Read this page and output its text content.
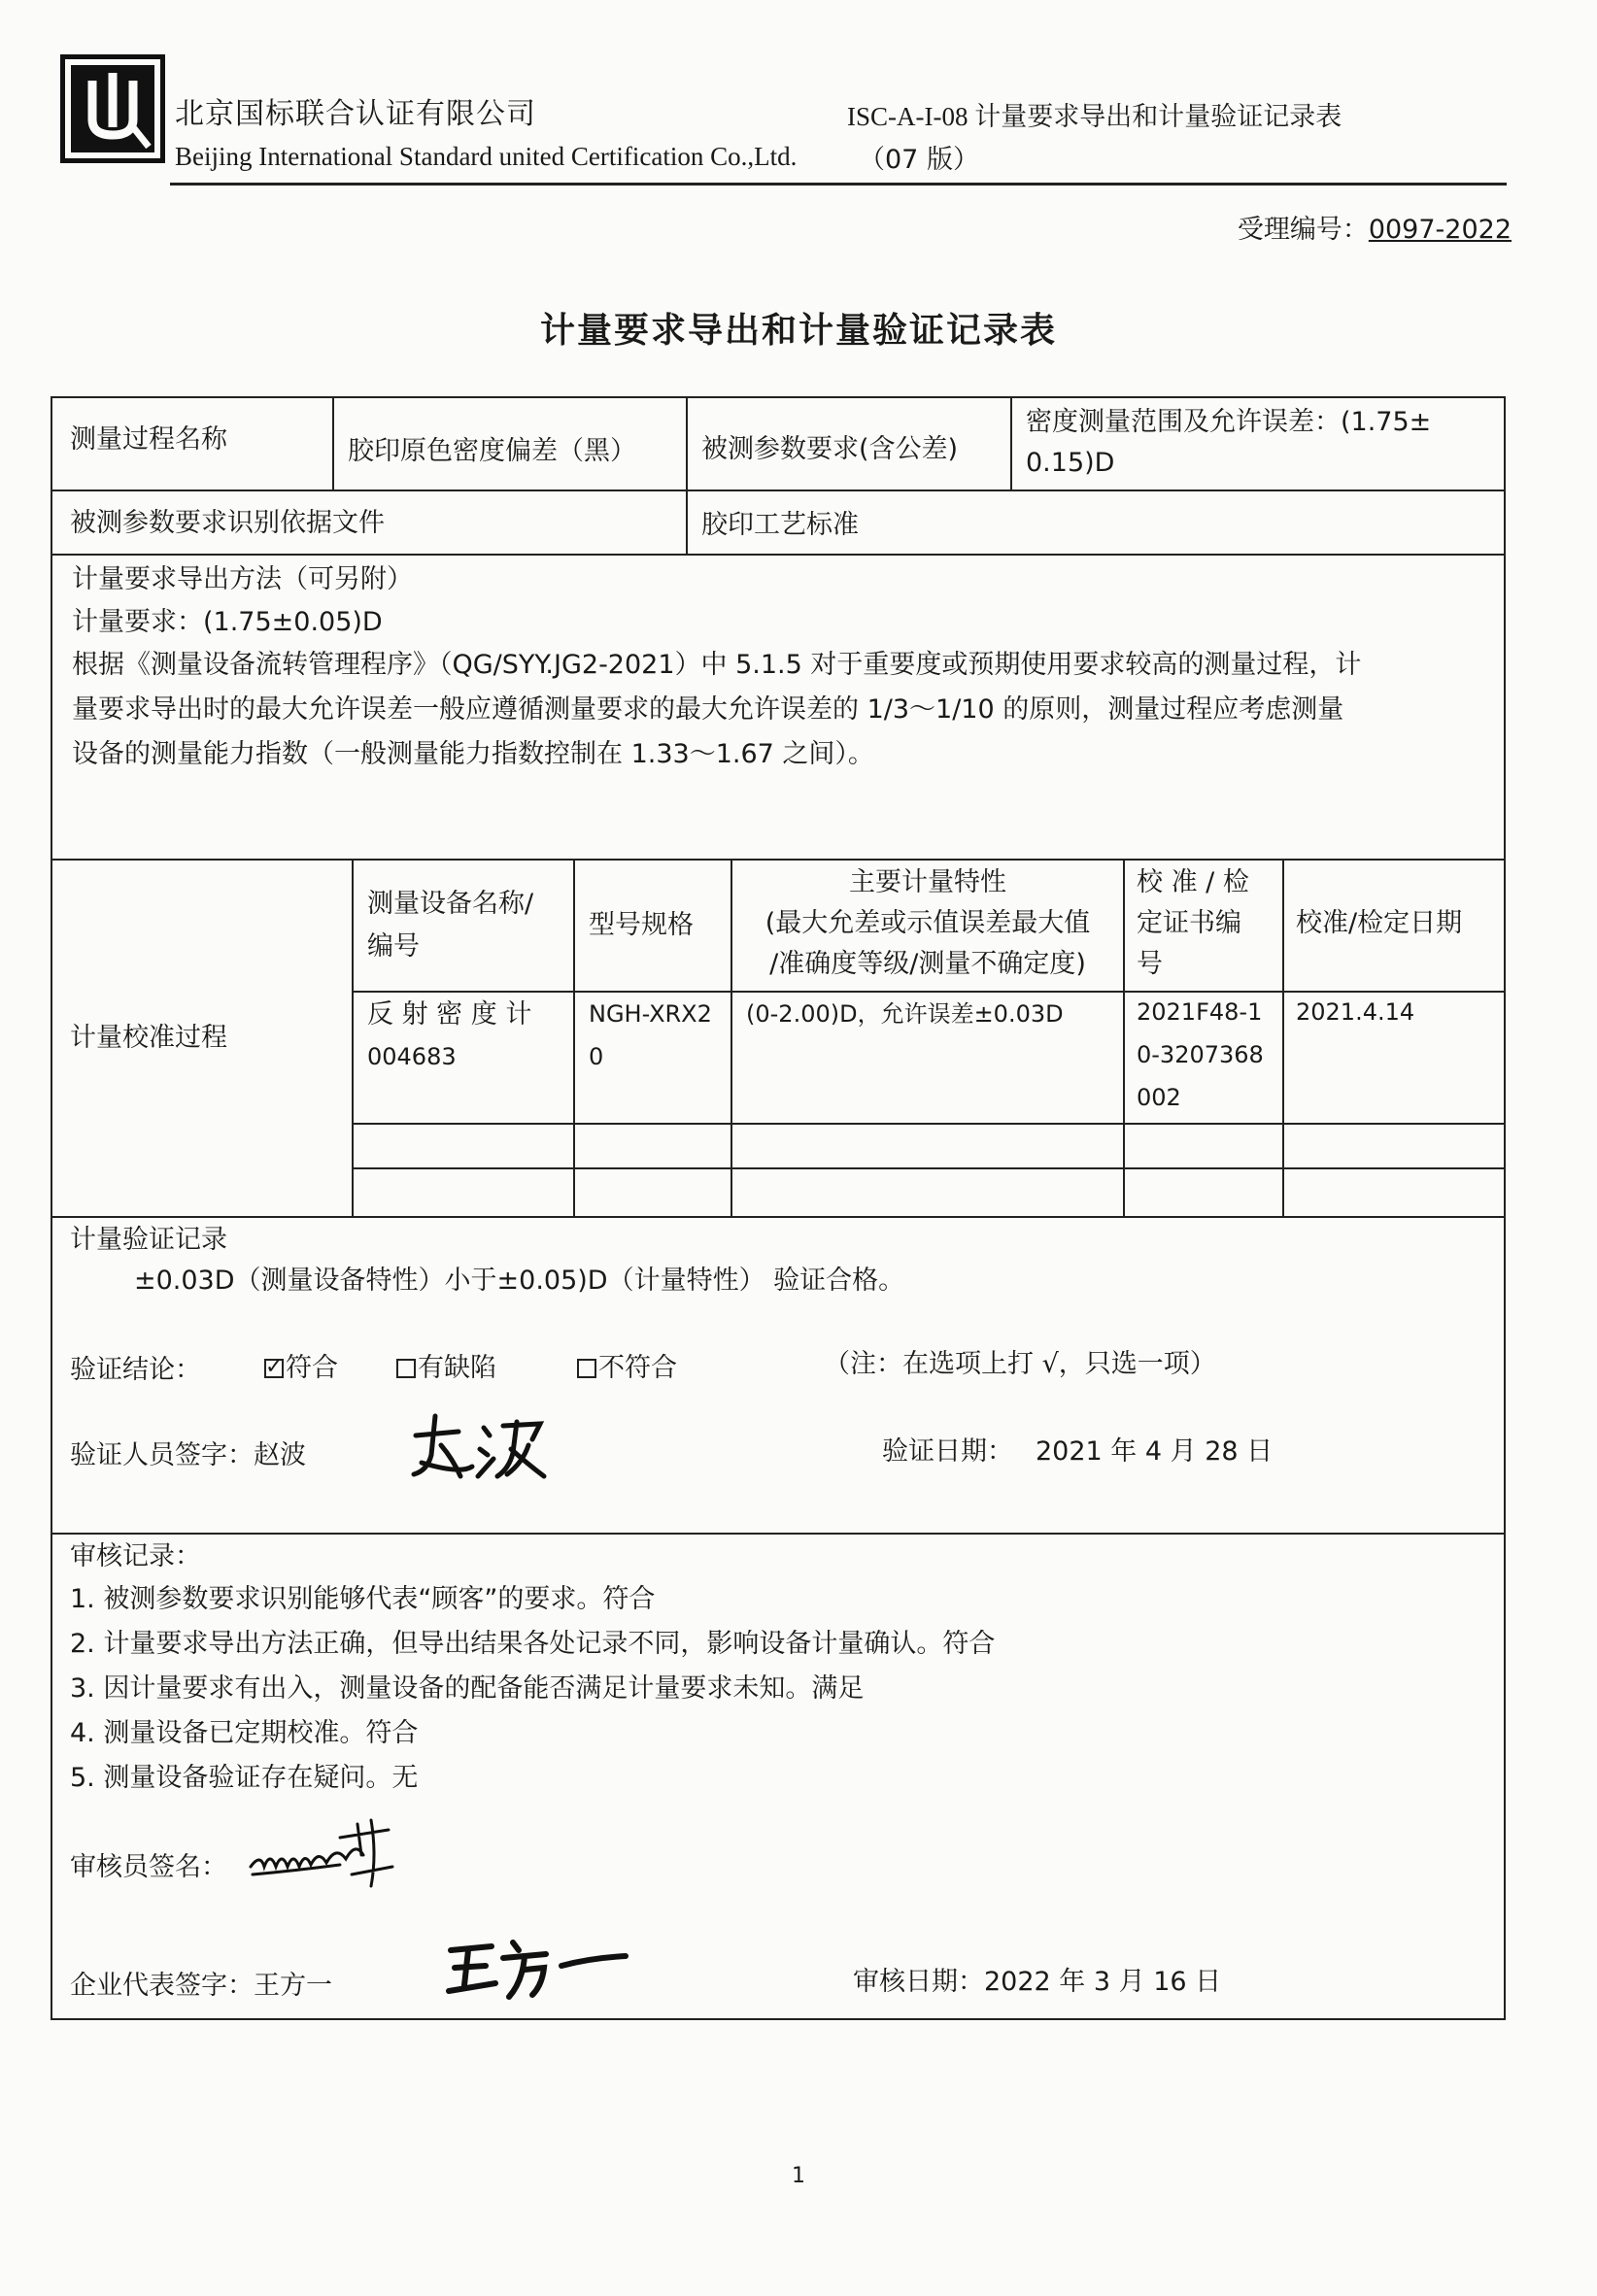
北京国标联合认证有限公司
Beijing International Standard united Certification Co.,Ltd.
ISC-A-I-08 计量要求导出和计量验证记录表
（07 版）
受理编号：0097-2022
计量要求导出和计量验证记录表
测量过程名称	胶印原色密度偏差（黑） 被测参数要求(含公差)
密度测量范围及允许误差：(1.75±
0.15)D
被测参数要求识别依据文件	胶印工艺标准
计量要求导出方法（可另附）
计量要求：(1.75±0.05)D
根据《测量设备流转管理程序》（QG/SYY.JG2-2021）中 5.1.5 对于重要度或预期使用要求较高的测量过程，计
量要求导出时的最大允许误差一般应遵循测量要求的最大允许误差的 1/3～1/10 的原则，测量过程应考虑测量
设备的测量能力指数（一般测量能力指数控制在 1.33～1.67 之间）。
计量校准过程
测量设备名称/
编号
型号规格
主要计量特性
(最大允差或示值误差最大值
/准确度等级/测量不确定度)
校 准 / 检
定证书编
号
校准/检定日期
反 射 密 度 计
004683
NGH-XRX2
0
(0-2.00)D，允许误差±0.03D	2021F48-1
0-3207368
002
2021.4.14
计量验证记录
±0.03D（测量设备特性）小于±0.05)D（计量特性） 验证合格。
验证结论：
✓	符合	有缺陷	不符合	（注：在选项上打 √，只选一项）
验证人员签字：赵波	验证日期： 2021 年 4 月 28 日
审核记录：
1. 被测参数要求识别能够代表“顾客”的要求。符合
2. 计量要求导出方法正确，但导出结果各处记录不同，影响设备计量确认。符合
3. 因计量要求有出入，测量设备的配备能否满足计量要求未知。满足
4. 测量设备已定期校准。符合
5. 测量设备验证存在疑问。无
审核员签名：
企业代表签字：王方一	审核日期：2022 年 3 月 16 日
1
